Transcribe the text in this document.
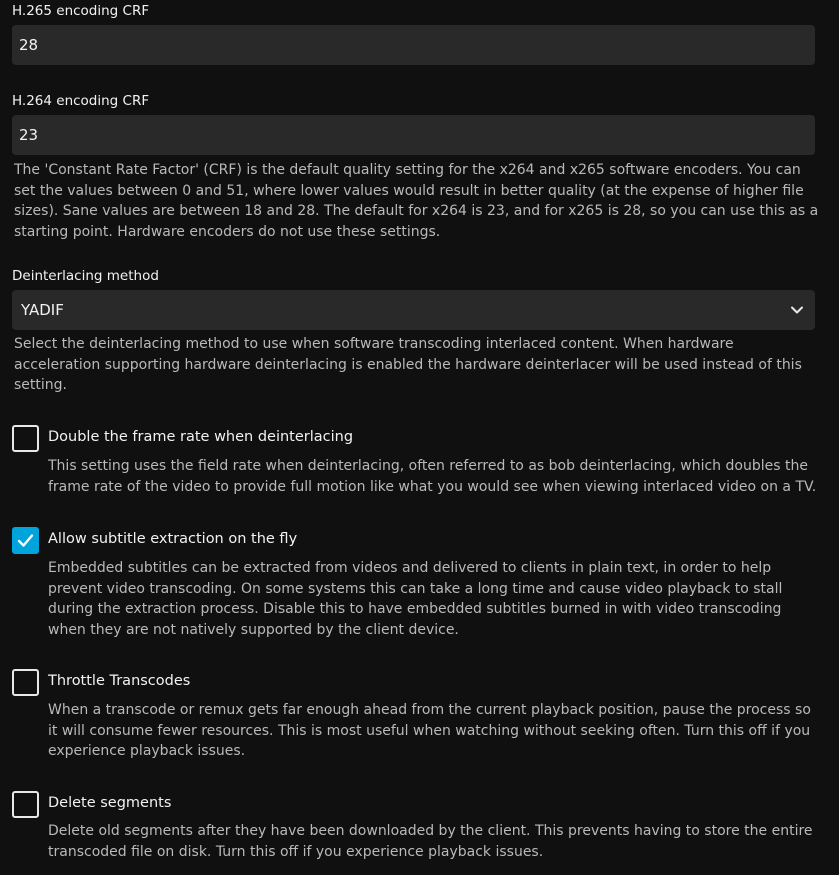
H.265 encoding CRF
28
H.264 encoding CRF
23
The 'Constant Rate Factor' (CRF) is the default quality setting for the x264 and x265 software encoders. You can set the values between 0 and 51, where lower values would result in better quality (at the expense of higher file sizes). Sane values are between 18 and 28. The default for x264 is 23, and for x265 is 28, so you can use this as a starting point. Hardware encoders do not use these settings.
Deinterlacing method
YADIF
Select the deinterlacing method to use when software transcoding interlaced content. When hardware acceleration supporting hardware deinterlacing is enabled the hardware deinterlacer will be used instead of this setting.
Double the frame rate when deinterlacing
This setting uses the field rate when deinterlacing, often referred to as bob deinterlacing, which doubles the frame rate of the video to provide full motion like what you would see when viewing interlaced video on a TV.
Allow subtitle extraction on the fly
Embedded subtitles can be extracted from videos and delivered to clients in plain text, in order to help prevent video transcoding. On some systems this can take a long time and cause video playback to stall during the extraction process. Disable this to have embedded subtitles burned in with video transcoding when they are not natively supported by the client device.
Throttle Transcodes
When a transcode or remux gets far enough ahead from the current playback position, pause the process so it will consume fewer resources. This is most useful when watching without seeking often. Turn this off if you experience playback issues.
Delete segments
Delete old segments after they have been downloaded by the client. This prevents having to store the entire transcoded file on disk. Turn this off if you experience playback issues.
